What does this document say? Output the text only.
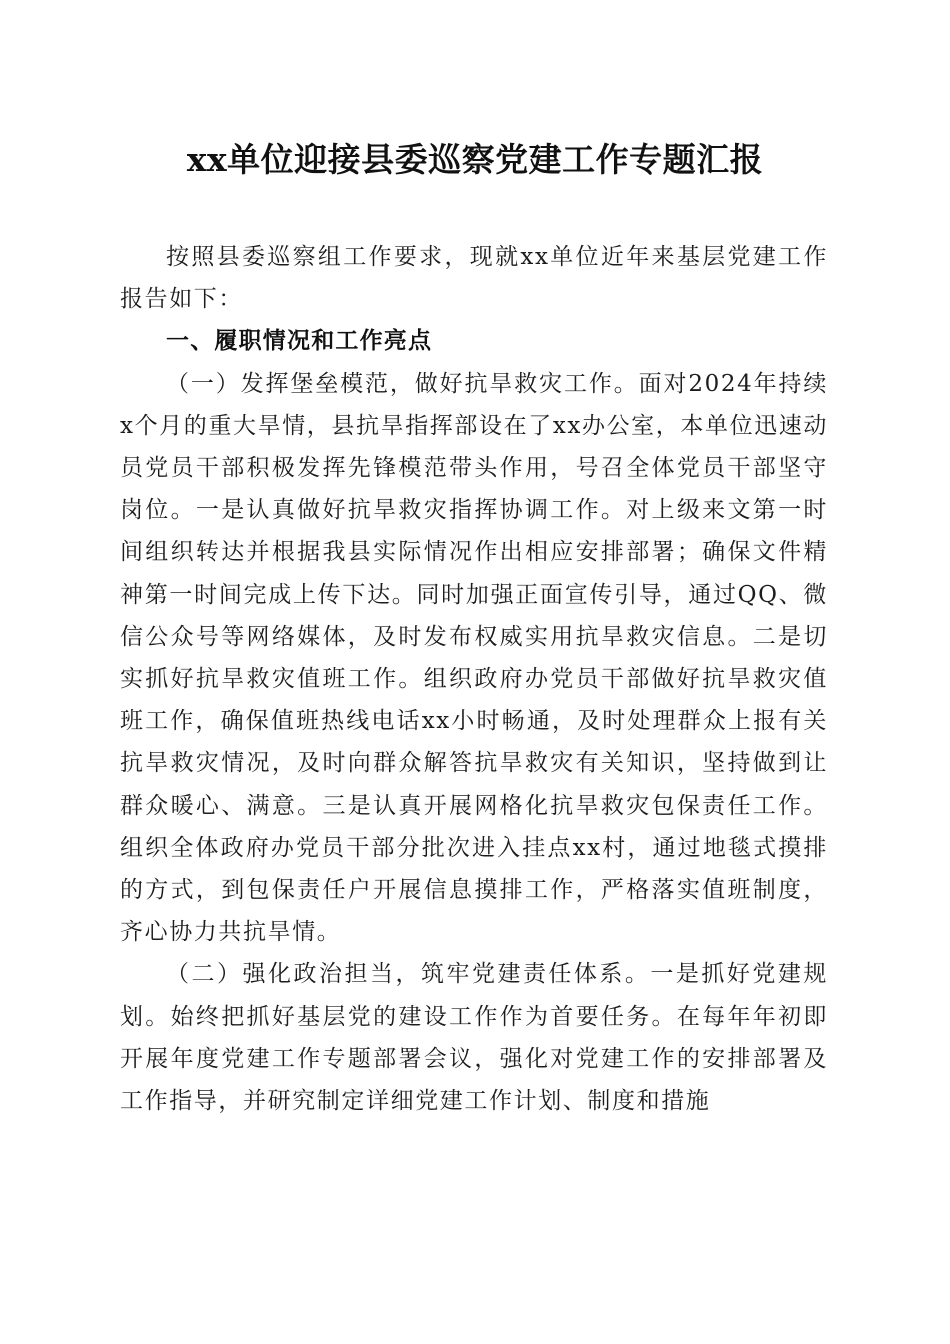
xx单位迎接县委巡察党建工作专题汇报

按照县委巡察组工作要求，现就xx单位近年来基层党建工作报告如下：

一、履职情况和工作亮点

（一）发挥堡垒模范，做好抗旱救灾工作。面对2024年持续x个月的重大旱情，县抗旱指挥部设在了xx办公室，本单位迅速动员党员干部积极发挥先锋模范带头作用，号召全体党员干部坚守岗位。一是认真做好抗旱救灾指挥协调工作。对上级来文第一时间组织转达并根据我县实际情况作出相应安排部署；确保文件精神第一时间完成上传下达。同时加强正面宣传引导，通过QQ、微信公众号等网络媒体，及时发布权威实用抗旱救灾信息。二是切实抓好抗旱救灾值班工作。组织政府办党员干部做好抗旱救灾值班工作，确保值班热线电话xx小时畅通，及时处理群众上报有关抗旱救灾情况，及时向群众解答抗旱救灾有关知识，坚持做到让群众暖心、满意。三是认真开展网格化抗旱救灾包保责任工作。组织全体政府办党员干部分批次进入挂点xx村，通过地毯式摸排的方式，到包保责任户开展信息摸排工作，严格落实值班制度，齐心协力共抗旱情。

（二）强化政治担当，筑牢党建责任体系。一是抓好党建规划。始终把抓好基层党的建设工作作为首要任务。在每年年初即开展年度党建工作专题部署会议，强化对党建工作的安排部署及工作指导，并研究制定详细党建工作计划、制度和措施
